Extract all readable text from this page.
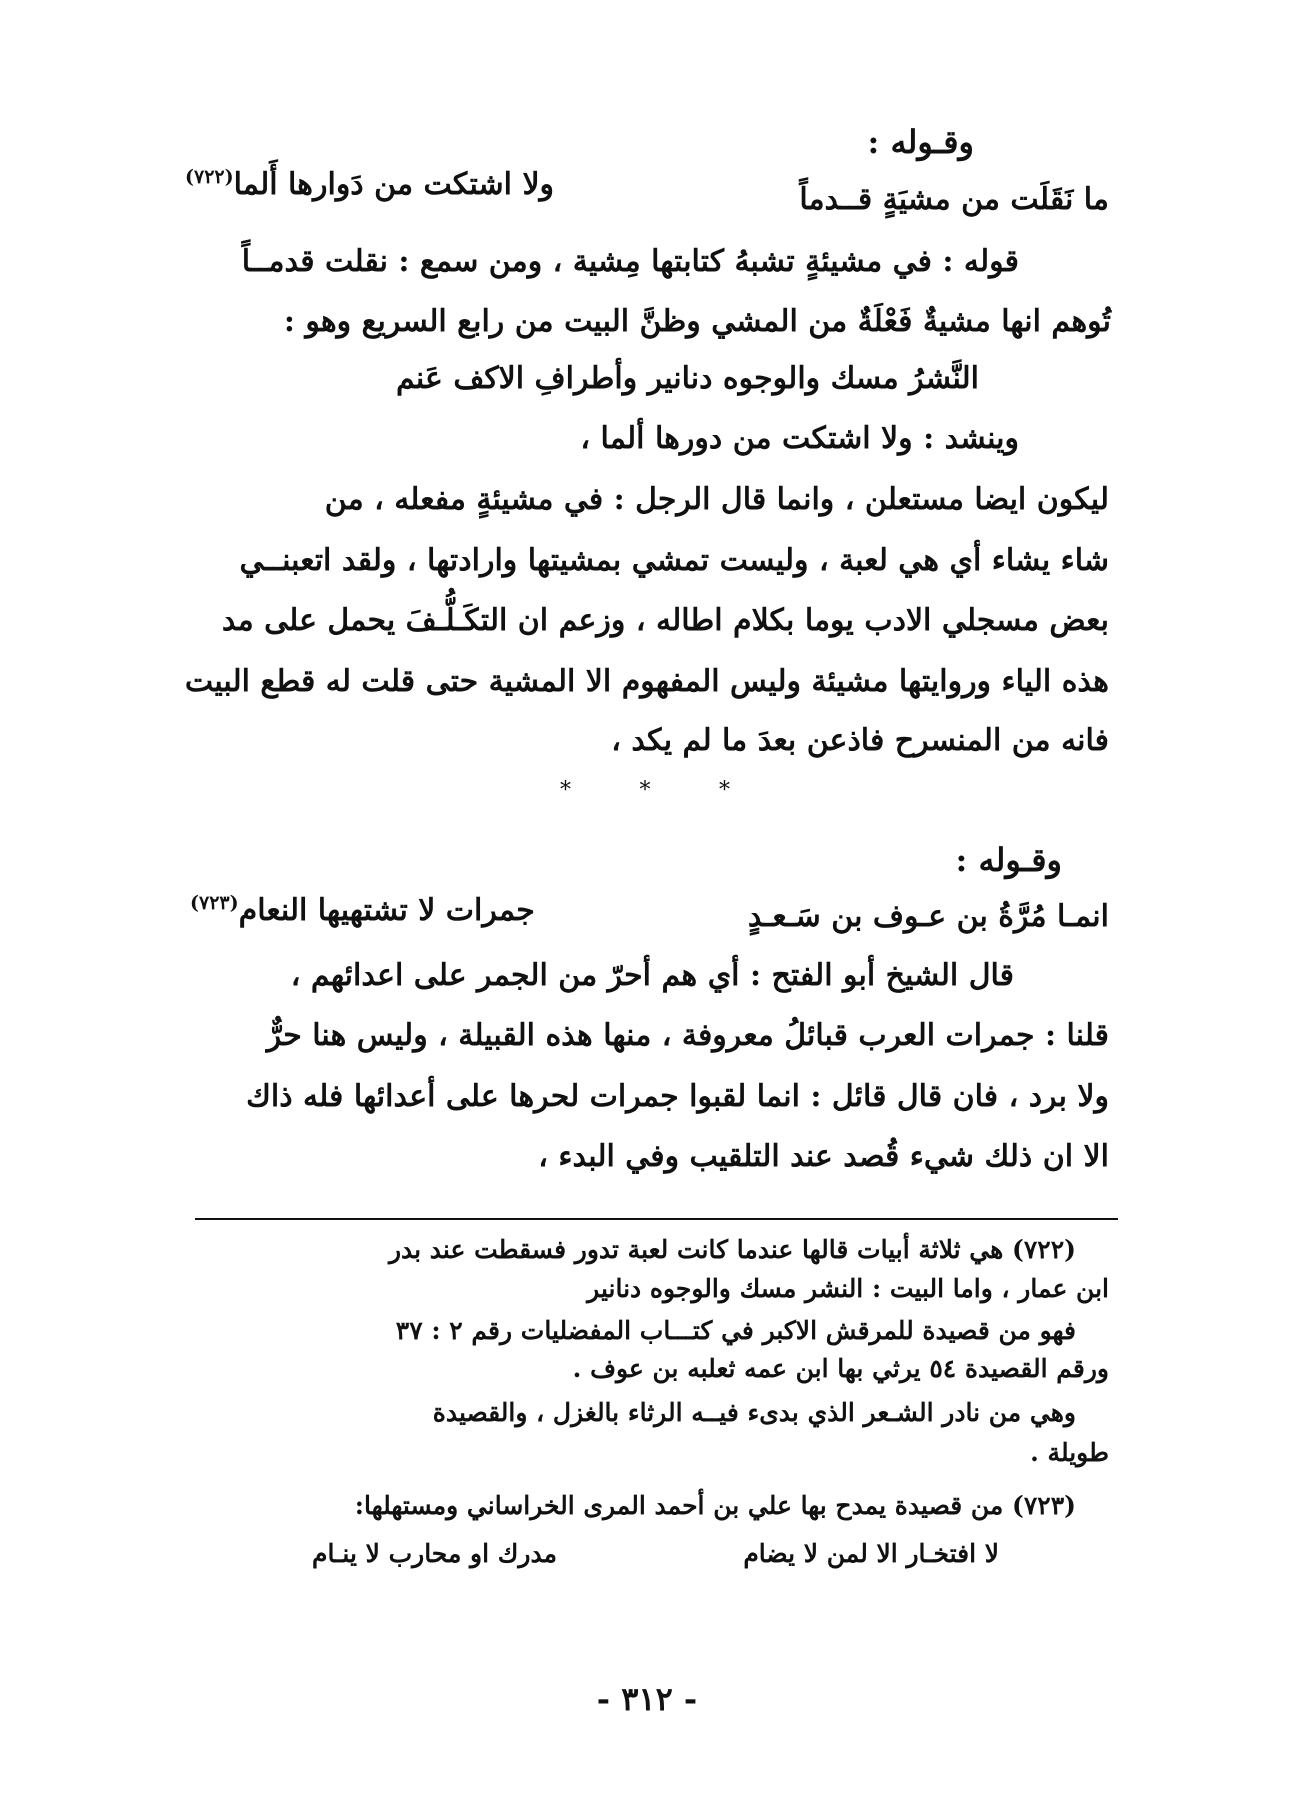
وقـوله :
ما نَقَلَت من مشيَةٍ قــدماً
ولا اشتكت من دَوارها أَلما$^{(٧٢٢)}$
قوله : في مشيئةٍ تشبهُ كتابتها مِشية ، ومن سمع : نقلت قدمــاً
تُوهم انها مشيةٌ فَعْلَةٌ من المشي وظنَّ البيت من رابع السريع وهو :
النَّشرُ مسك والوجوه دنانير وأطرافِ الاكف عَنم
وينشد : ولا اشتكت من دورها ألما ،
ليكون ايضا مستعلن ، وانما قال الرجل : في مشيئةٍ مفعله ، من
شاء يشاء أي هي لعبة ، وليست تمشي بمشيتها وارادتها ، ولقد اتعبنــي
بعض مسجلي الادب يوما بكلام اطاله ، وزعم ان التكَـلُّـفَ يحمل على مد
هذه الياء وروايتها مشيئة وليس المفهوم الا المشية حتى قلت له قطع البيت
فانه من المنسرح فاذعن بعدَ ما لم يكد ،
*	*	*
وقـوله :
انمـا مُرَّةُ بن عـوف بن سَـعـدٍ
جمرات لا تشتهيها النعام$^{(٧٢٣)}$
قال الشيخ أبو الفتح : أي هم أحرّ من الجمر على اعدائهم ،
قلنا : جمرات العرب قبائلُ معروفة ، منها هذه القبيلة ، وليس هنا حرٌّ
ولا برد ، فان قال قائل : انما لقبوا جمرات لحرها على أعدائها فله ذاك
الا ان ذلك شيء قُصد عند التلقيب وفي البدء ،
(٧٢٢) هي ثلاثة أبيات قالها عندما كانت لعبة تدور فسقطت عند بدر
ابن عمار ، واما البيت : النشر مسك والوجوه دنانير
فهو من قصيدة للمرقش الاكبر في كتـــاب المفضليات رقم ٢ : ٣٧
ورقم القصيدة ٥٤ يرثي بها ابن عمه ثعلبه بن عوف .
وهي من نادر الشـعر الذي بدىء فيــه الرثاء بالغزل ، والقصيدة
طويلة .
(٧٢٣) من قصيدة يمدح بها علي بن أحمد المرى الخراساني ومستهلها:
لا افتخـار الا لمن لا يضام
مدرك او محارب لا ينـام
- ٣١٢ -
